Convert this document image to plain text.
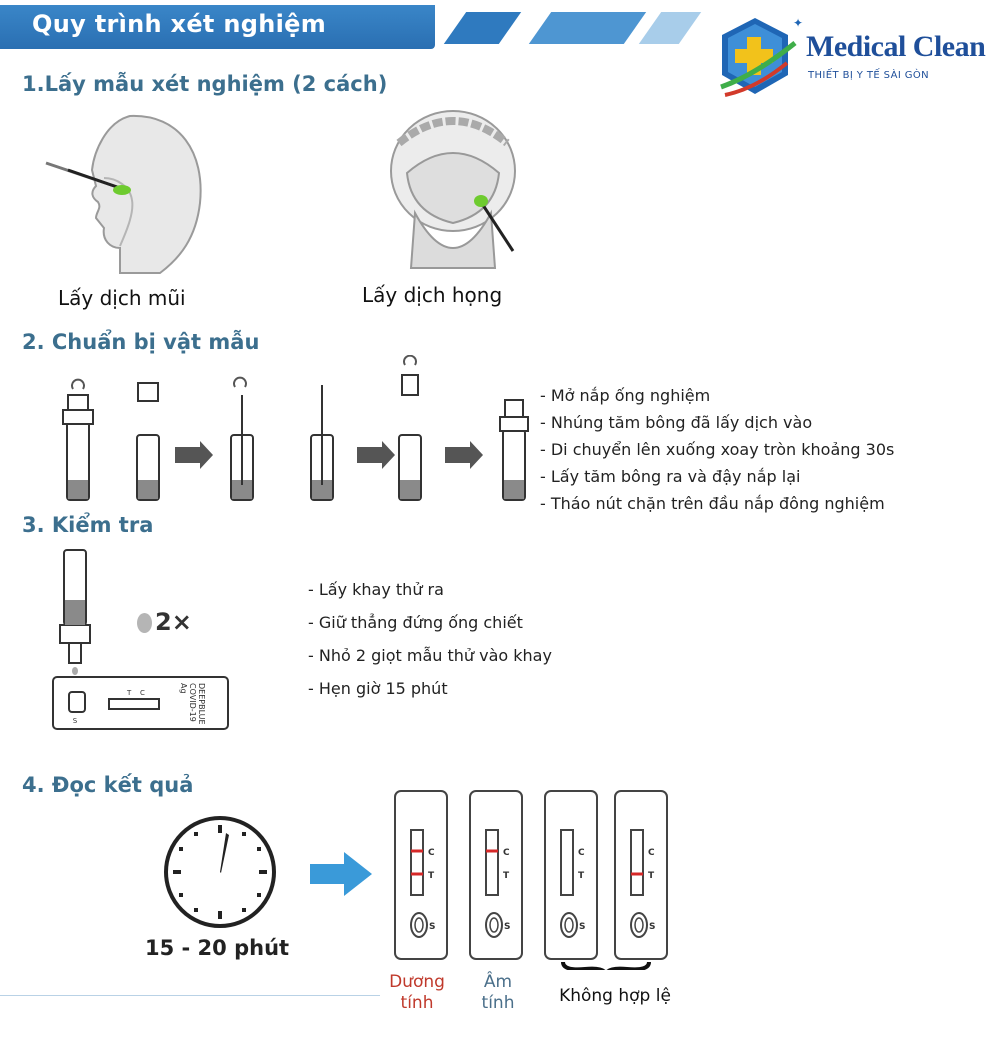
Quy trình xét nghiệm	✦
Medical Clean
THIẾT BỊ Y TẾ SÀI GÒN
1.Lấy mẫu xét nghiệm (2 cách)
Lấy dịch mũi	Lấy dịch họng
2. Chuẩn bị vật mẫu
- Mở nắp ống nghiệm
- Nhúng tăm bông đã lấy dịch vào
- Di chuyển lên xuống xoay tròn khoảng 30s
- Lấy tăm bông ra và đậy nắp lại
- Tháo nút chặn trên đầu nắp đông nghiệm
3. Kiểm tra
S
T C	DEEPBLUE
COVID-19
Ag
2×
- Lấy khay thử ra
- Giữ thẳng đứng ống chiết
- Nhỏ 2 giọt mẫu thử vào khay
- Hẹn giờ 15 phút
4. Đọc kết quả
15 - 20 phút
C
T
S
C
T
S
C
T
S
C
T
S
Dương
tính
Âm
tính	Không hợp lệ
